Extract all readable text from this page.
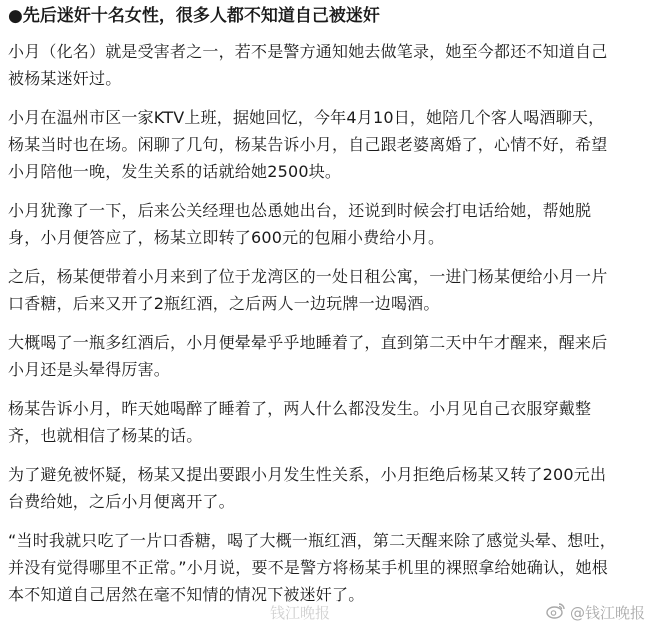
●先后迷奸十名女性，很多人都不知道自己被迷奸
小月（化名）就是受害者之一，若不是警方通知她去做笔录，她至今都还不知道自己
被杨某迷奸过。
小月在温州市区一家KTV上班，据她回忆，今年4月10日，她陪几个客人喝酒聊天，
杨某当时也在场。闲聊了几句，杨某告诉小月，自己跟老婆离婚了，心情不好，希望
小月陪他一晚，发生关系的话就给她2500块。
小月犹豫了一下，后来公关经理也怂恿她出台，还说到时候会打电话给她，帮她脱
身，小月便答应了，杨某立即转了600元的包厢小费给小月。
之后，杨某便带着小月来到了位于龙湾区的一处日租公寓，一进门杨某便给小月一片
口香糖，后来又开了2瓶红酒，之后两人一边玩牌一边喝酒。
大概喝了一瓶多红酒后，小月便晕晕乎乎地睡着了，直到第二天中午才醒来，醒来后
小月还是头晕得厉害。
杨某告诉小月，昨天她喝醉了睡着了，两人什么都没发生。小月见自己衣服穿戴整
齐，也就相信了杨某的话。
为了避免被怀疑，杨某又提出要跟小月发生性关系，小月拒绝后杨某又转了200元出
台费给她，之后小月便离开了。
“当时我就只吃了一片口香糖，喝了大概一瓶红酒，第二天醒来除了感觉头晕、想吐，
并没有觉得哪里不正常。”小月说，要不是警方将杨某手机里的裸照拿给她确认，她根
本不知道自己居然在毫不知情的情况下被迷奸了。
钱江晚报	@钱江晚报
